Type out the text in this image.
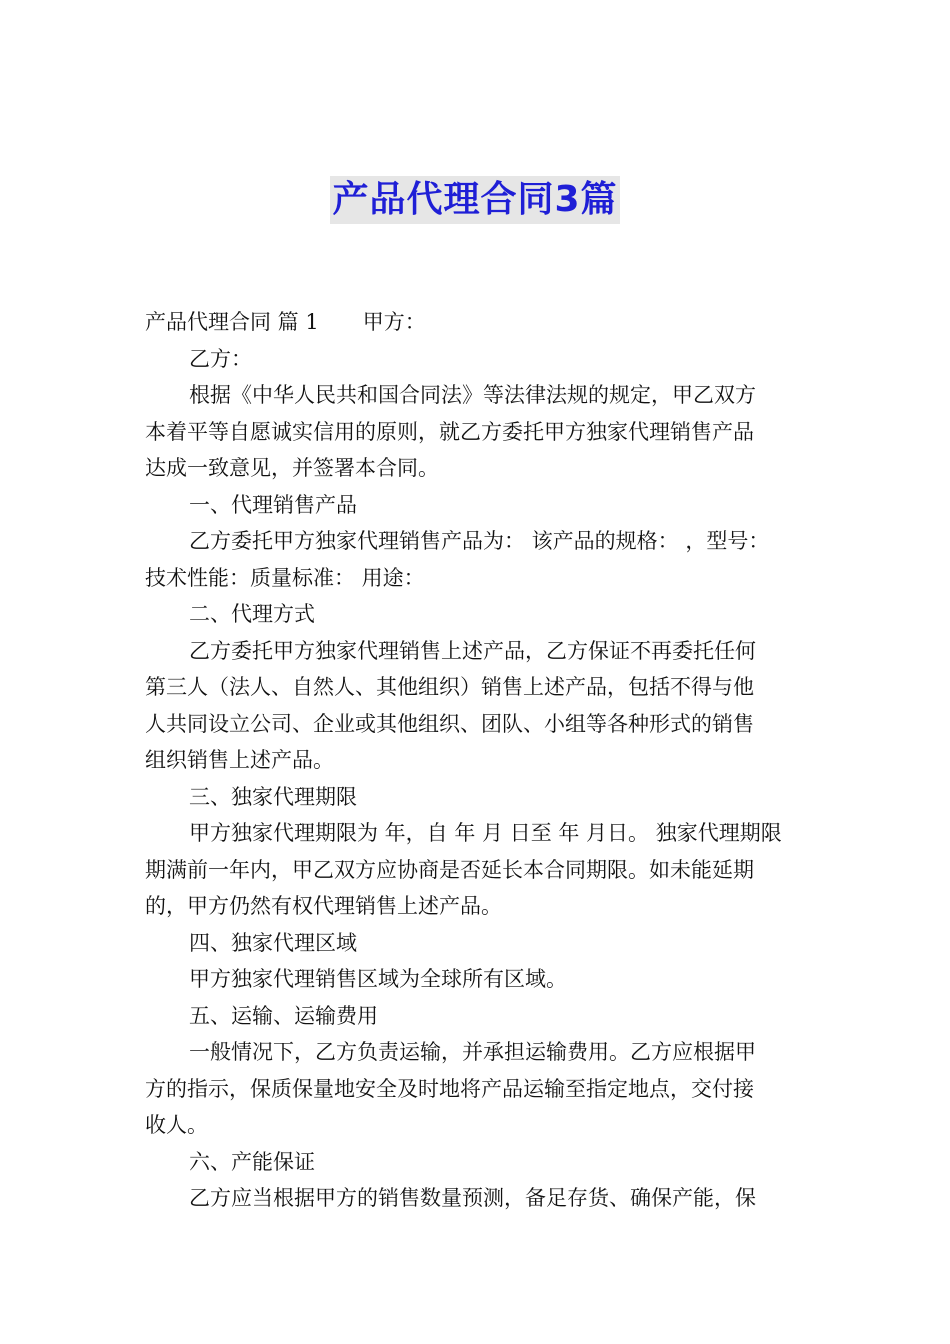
产品代理合同3篇
产品代理合同 篇 1 甲方：
乙方：
根据《中华人民共和国合同法》等法律法规的规定，甲乙双方
本着平等自愿诚实信用的原则，就乙方委托甲方独家代理销售产品
达成一致意见，并签署本合同。
一、代理销售产品
乙方委托甲方独家代理销售产品为： 该产品的规格： ，型号：
技术性能：质量标准： 用途：
二、代理方式
乙方委托甲方独家代理销售上述产品，乙方保证不再委托任何
第三人（法人、自然人、其他组织）销售上述产品，包括不得与他
人共同设立公司、企业或其他组织、团队、小组等各种形式的销售
组织销售上述产品。
三、独家代理期限
甲方独家代理期限为 年，自 年 月 日至 年 月日。 独家代理期限
期满前一年内，甲乙双方应协商是否延长本合同期限。如未能延期
的，甲方仍然有权代理销售上述产品。
四、独家代理区域
甲方独家代理销售区域为全球所有区域。
五、运输、运输费用
一般情况下，乙方负责运输，并承担运输费用。乙方应根据甲
方的指示，保质保量地安全及时地将产品运输至指定地点，交付接
收人。
六、产能保证
乙方应当根据甲方的销售数量预测，备足存货、确保产能，保
